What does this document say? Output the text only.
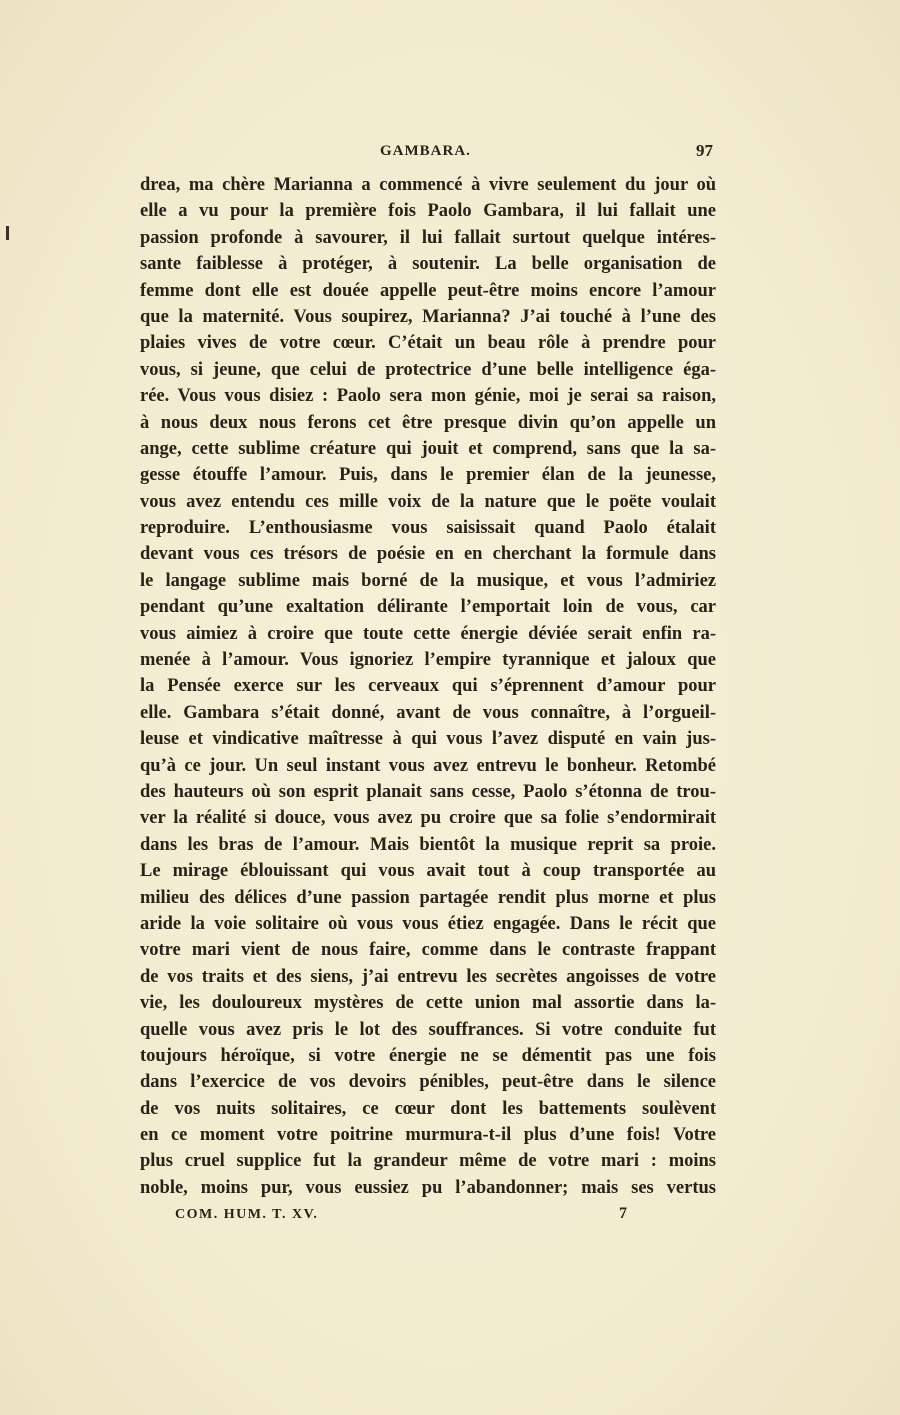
GAMBARA.	97
drea, ma chère Marianna a commencé à vivre seulement du jour où
elle a vu pour la première fois Paolo Gambara, il lui fallait une
passion profonde à savourer, il lui fallait surtout quelque intéres-
sante faiblesse à protéger, à soutenir. La belle organisation de
femme dont elle est douée appelle peut-être moins encore l’amour
que la maternité. Vous soupirez, Marianna? J’ai touché à l’une des
plaies vives de votre cœur. C’était un beau rôle à prendre pour
vous, si jeune, que celui de protectrice d’une belle intelligence éga-
rée. Vous vous disiez : Paolo sera mon génie, moi je serai sa raison,
à nous deux nous ferons cet être presque divin qu’on appelle un
ange, cette sublime créature qui jouit et comprend, sans que la sa-
gesse étouffe l’amour. Puis, dans le premier élan de la jeunesse,
vous avez entendu ces mille voix de la nature que le poëte voulait
reproduire. L’enthousiasme vous saisissait quand Paolo étalait
devant vous ces trésors de poésie en en cherchant la formule dans
le langage sublime mais borné de la musique, et vous l’admiriez
pendant qu’une exaltation délirante l’emportait loin de vous, car
vous aimiez à croire que toute cette énergie déviée serait enfin ra-
menée à l’amour. Vous ignoriez l’empire tyrannique et jaloux que
la Pensée exerce sur les cerveaux qui s’éprennent d’amour pour
elle. Gambara s’était donné, avant de vous connaître, à l’orgueil-
leuse et vindicative maîtresse à qui vous l’avez disputé en vain jus-
qu’à ce jour. Un seul instant vous avez entrevu le bonheur. Retombé
des hauteurs où son esprit planait sans cesse, Paolo s’étonna de trou-
ver la réalité si douce, vous avez pu croire que sa folie s’endormirait
dans les bras de l’amour. Mais bientôt la musique reprit sa proie.
Le mirage éblouissant qui vous avait tout à coup transportée au
milieu des délices d’une passion partagée rendit plus morne et plus
aride la voie solitaire où vous vous étiez engagée. Dans le récit que
votre mari vient de nous faire, comme dans le contraste frappant
de vos traits et des siens, j’ai entrevu les secrètes angoisses de votre
vie, les douloureux mystères de cette union mal assortie dans la-
quelle vous avez pris le lot des souffrances. Si votre conduite fut
toujours héroïque, si votre énergie ne se démentit pas une fois
dans l’exercice de vos devoirs pénibles, peut-être dans le silence
de vos nuits solitaires, ce cœur dont les battements soulèvent
en ce moment votre poitrine murmura-t-il plus d’une fois! Votre
plus cruel supplice fut la grandeur même de votre mari : moins
noble, moins pur, vous eussiez pu l’abandonner; mais ses vertus
COM. HUM. T. XV.	7
